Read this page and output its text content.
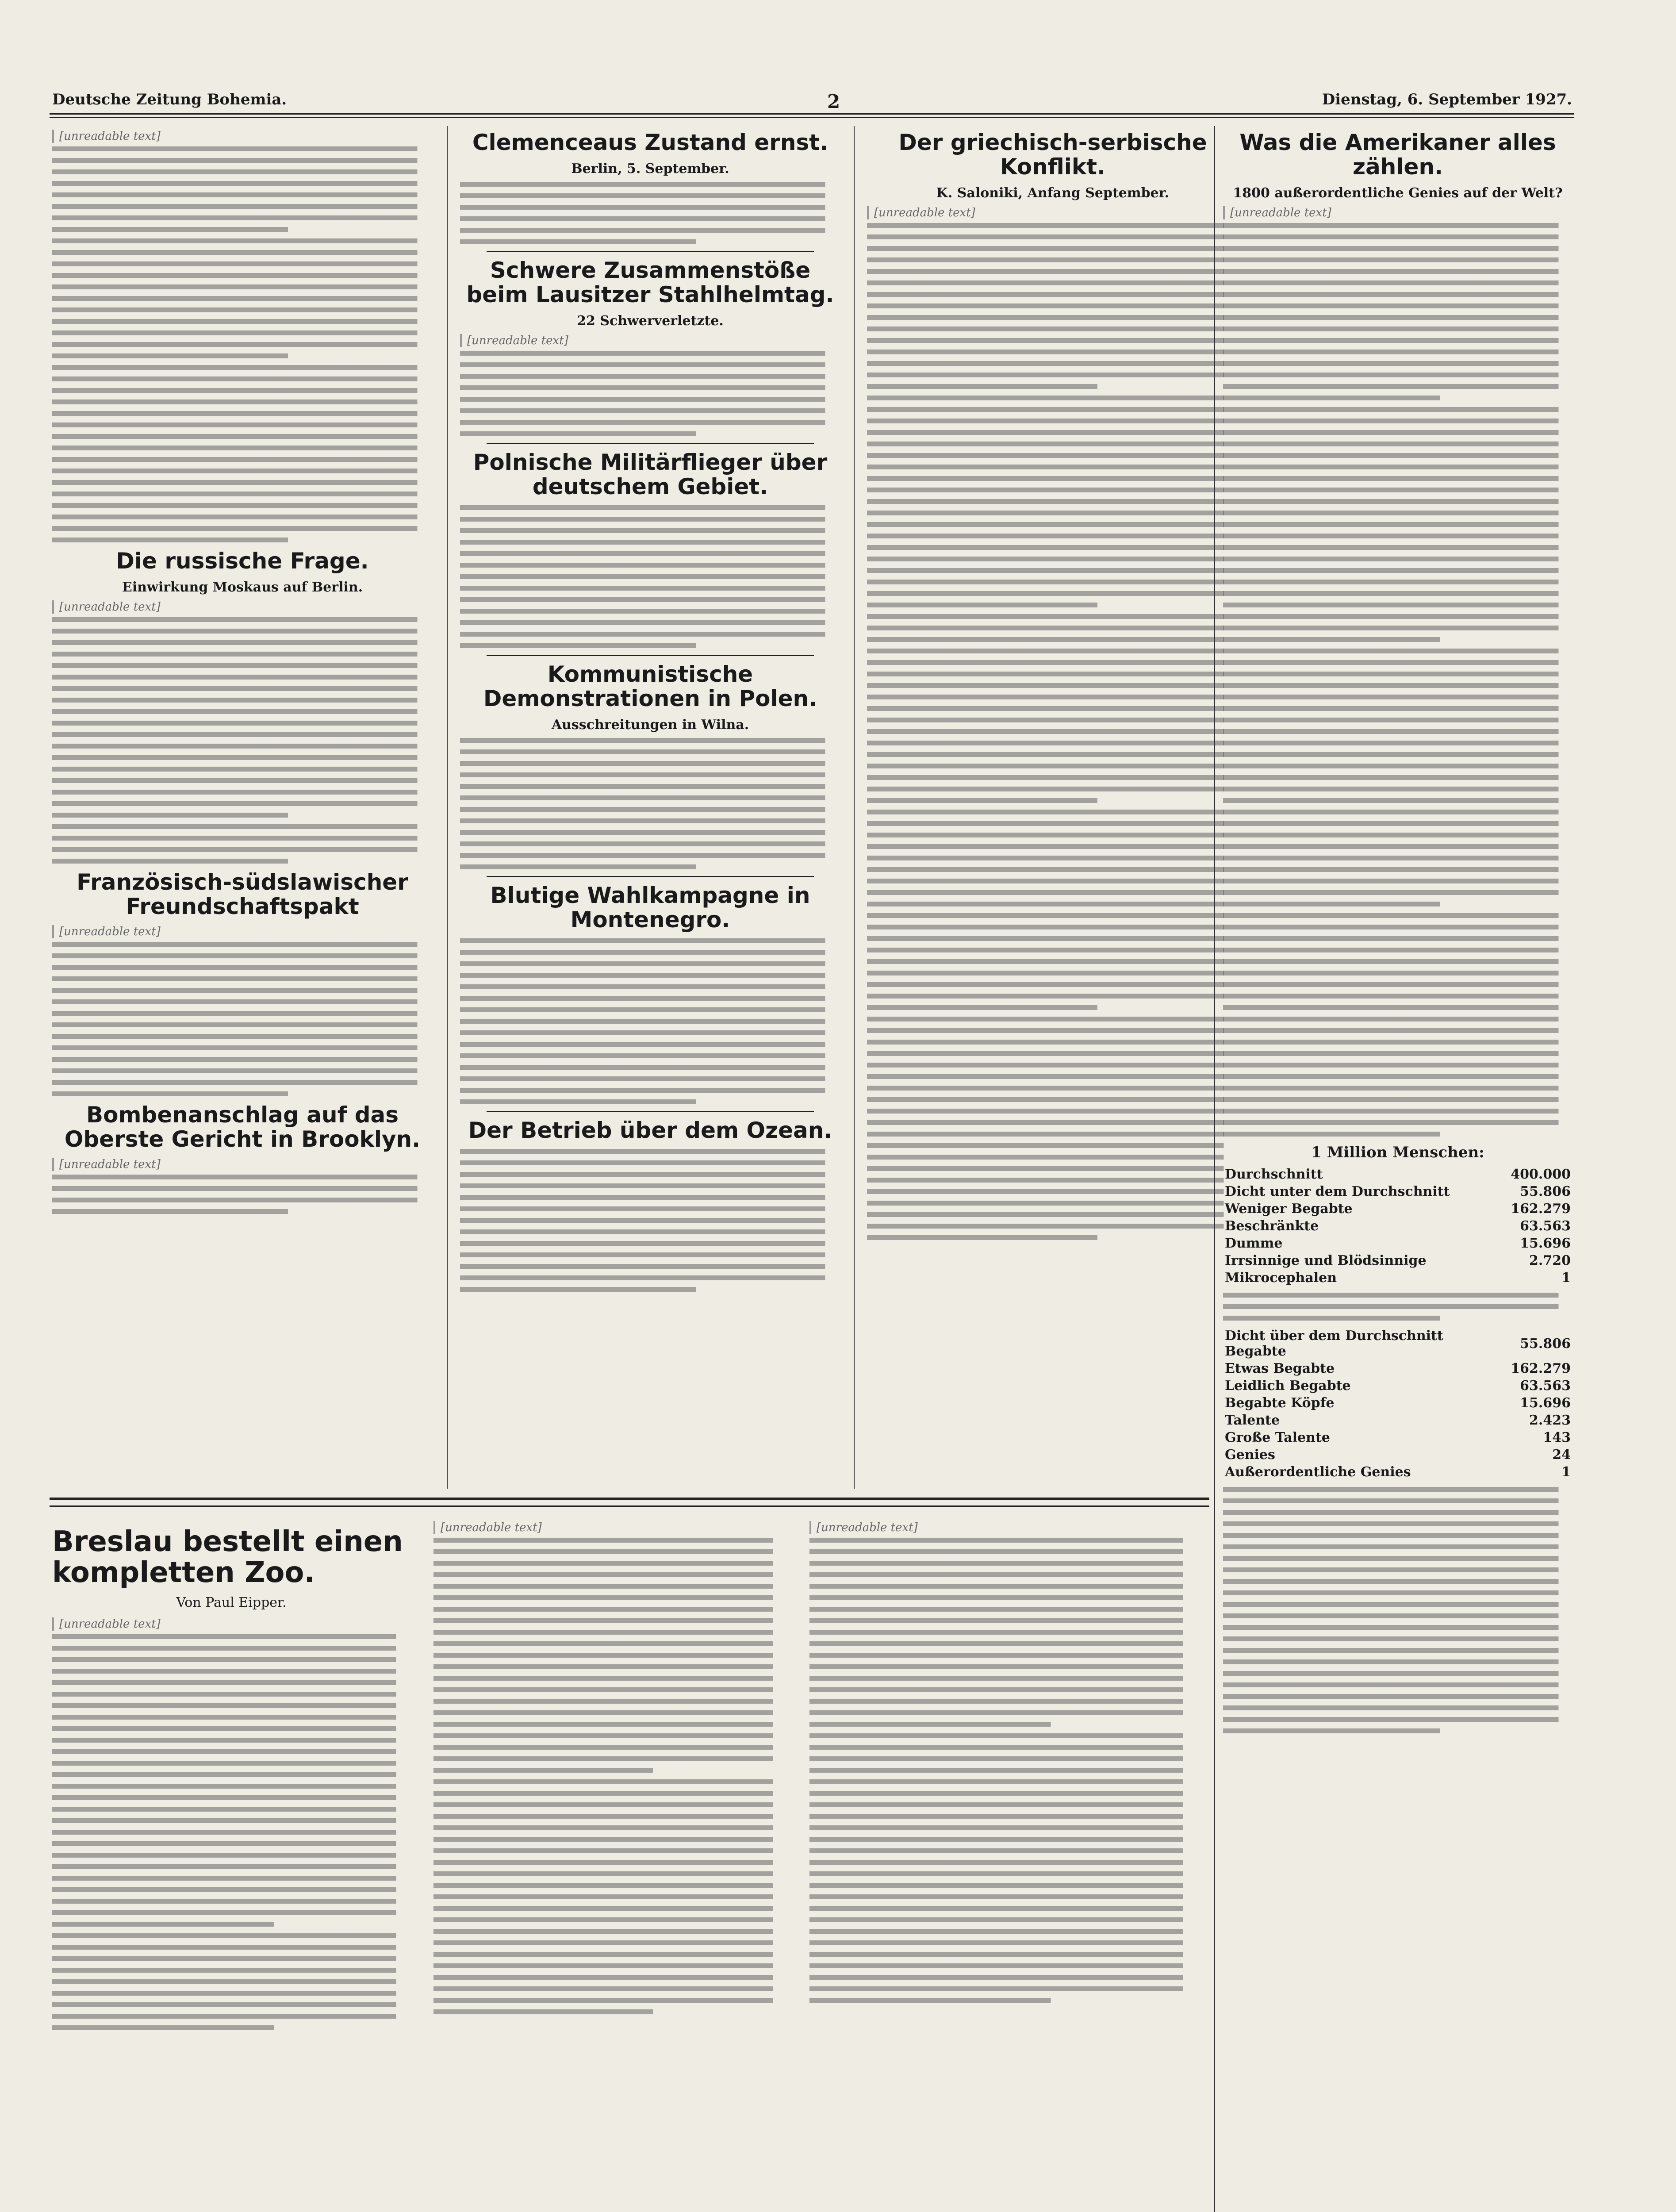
Deutsche Zeitung Bohemia.	2	Dienstag, 6. September 1927.
[unreadable text]
Die russische Frage.
Einwirkung Moskaus auf Berlin.
[unreadable text]
Französisch-südslawischer Freundschaftspakt
[unreadable text]
Bombenanschlag auf das Oberste Gericht in Brooklyn.
[unreadable text]
Clemenceaus Zustand ernst.
Berlin, 5. September.
Schwere Zusammenstöße beim Lausitzer Stahlhelmtag.
22 Schwerverletzte.
[unreadable text]
Polnische Militärflieger über deutschem Gebiet.
Kommunistische Demonstrationen in Polen.
Ausschreitungen in Wilna.
Blutige Wahlkampagne in Montenegro.
Der Betrieb über dem Ozean.
Der griechisch-serbische Konflikt.
K. Saloniki, Anfang September.
[unreadable text]
Was die Amerikaner alles zählen.
1800 außerordentliche Genies auf der Welt?
[unreadable text]
1 Million Menschen:
Durchschnitt	400.000
Dicht unter dem Durchschnitt	55.806
Weniger Begabte	162.279
Beschränkte	63.563
Dumme	15.696
Irrsinnige und Blödsinnige	2.720
Mikrocephalen	1
Dicht über dem Durchschnitt Begabte	55.806
Etwas Begabte	162.279
Leidlich Begabte	63.563
Begabte Köpfe	15.696
Talente	2.423
Große Talente	143
Genies	24
Außerordentliche Genies	1
Breslau bestellt einen kompletten Zoo.
Von Paul Eipper.
[unreadable text]
[unreadable text]	[unreadable text]
